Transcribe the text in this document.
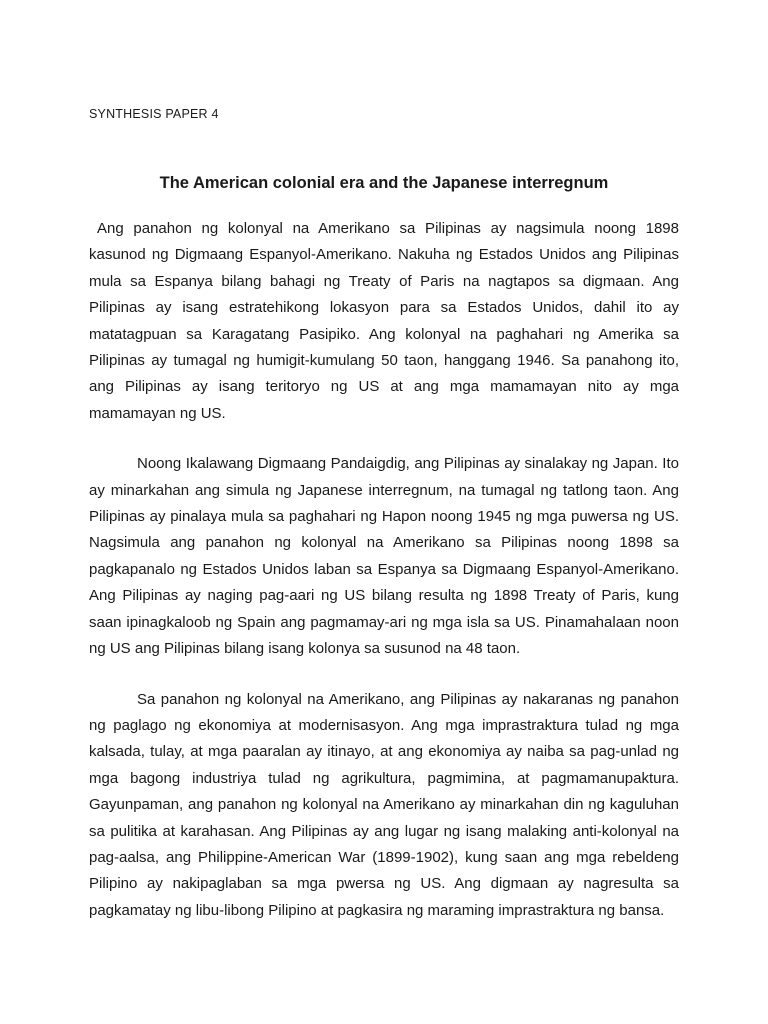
SYNTHESIS PAPER 4

The American colonial era and the Japanese interregnum

Ang panahon ng kolonyal na Amerikano sa Pilipinas ay nagsimula noong 1898 kasunod ng Digmaang Espanyol-Amerikano. Nakuha ng Estados Unidos ang Pilipinas mula sa Espanya bilang bahagi ng Treaty of Paris na nagtapos sa digmaan. Ang Pilipinas ay isang estratehikong lokasyon para sa Estados Unidos, dahil ito ay matatagpuan sa Karagatang Pasipiko. Ang kolonyal na paghahari ng Amerika sa Pilipinas ay tumagal ng humigit-kumulang 50 taon, hanggang 1946. Sa panahong ito, ang Pilipinas ay isang teritoryo ng US at ang mga mamamayan nito ay mga mamamayan ng US.

Noong Ikalawang Digmaang Pandaigdig, ang Pilipinas ay sinalakay ng Japan. Ito ay minarkahan ang simula ng Japanese interregnum, na tumagal ng tatlong taon. Ang Pilipinas ay pinalaya mula sa paghahari ng Hapon noong 1945 ng mga puwersa ng US. Nagsimula ang panahon ng kolonyal na Amerikano sa Pilipinas noong 1898 sa pagkapanalo ng Estados Unidos laban sa Espanya sa Digmaang Espanyol-Amerikano. Ang Pilipinas ay naging pag-aari ng US bilang resulta ng 1898 Treaty of Paris, kung saan ipinagkaloob ng Spain ang pagmamay-ari ng mga isla sa US. Pinamahalaan noon ng US ang Pilipinas bilang isang kolonya sa susunod na 48 taon.

Sa panahon ng kolonyal na Amerikano, ang Pilipinas ay nakaranas ng panahon ng paglago ng ekonomiya at modernisasyon. Ang mga imprastraktura tulad ng mga kalsada, tulay, at mga paaralan ay itinayo, at ang ekonomiya ay naiba sa pag-unlad ng mga bagong industriya tulad ng agrikultura, pagmimina, at pagmamanupaktura. Gayunpaman, ang panahon ng kolonyal na Amerikano ay minarkahan din ng kaguluhan sa pulitika at karahasan. Ang Pilipinas ay ang lugar ng isang malaking anti-kolonyal na pag-aalsa, ang Philippine-American War (1899-1902), kung saan ang mga rebeldeng Pilipino ay nakipaglaban sa mga pwersa ng US. Ang digmaan ay nagresulta sa pagkamatay ng libu-libong Pilipino at pagkasira ng maraming imprastraktura ng bansa.
